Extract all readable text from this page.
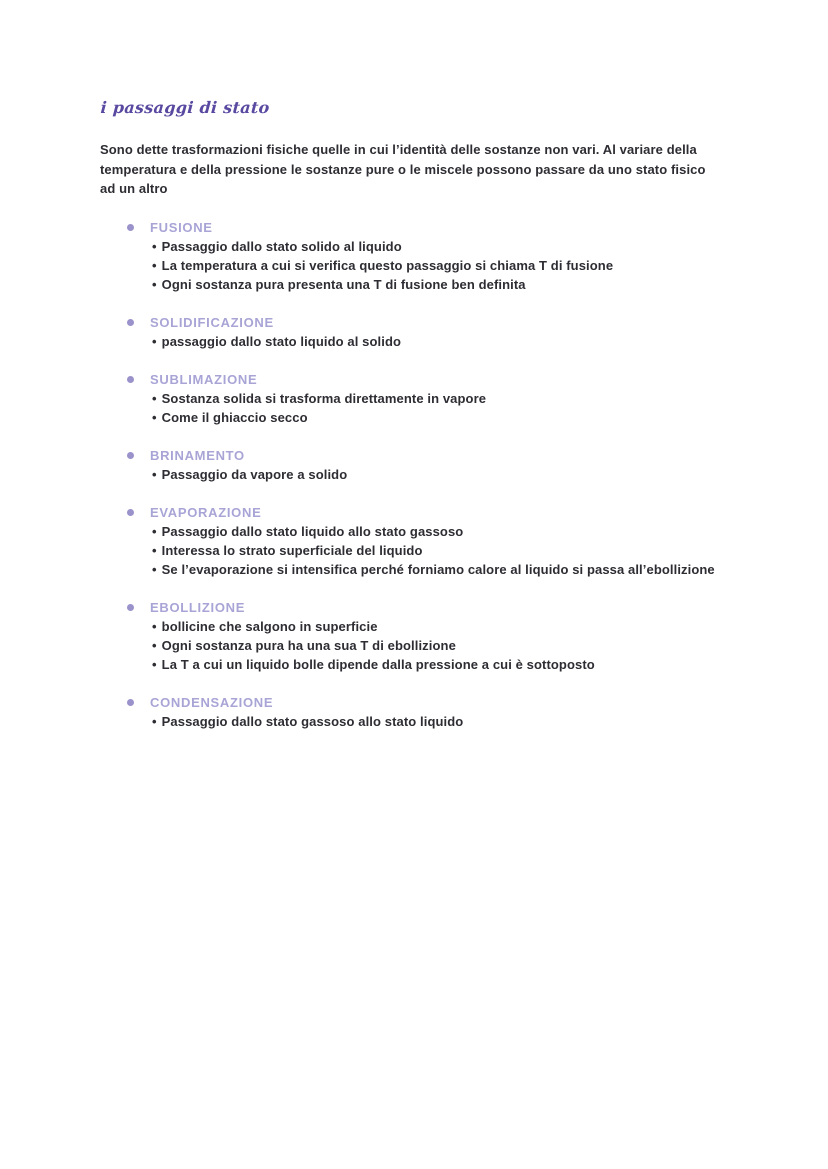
i passaggi di stato

Sono dette trasformazioni fisiche quelle in cui l’identità delle sostanze non vari. Al variare della temperatura e della pressione le sostanze pure o le miscele possono passare da uno stato fisico ad un altro

FUSIONE
• Passaggio dallo stato solido al liquido
• La temperatura a cui si verifica questo passaggio si chiama T di fusione
• Ogni sostanza pura presenta una T di fusione ben definita
SOLIDIFICAZIONE
• passaggio dallo stato liquido al solido
SUBLIMAZIONE
• Sostanza solida si trasforma direttamente in vapore
• Come il ghiaccio secco
BRINAMENTO
• Passaggio da vapore a solido
EVAPORAZIONE
• Passaggio dallo stato liquido allo stato gassoso
• Interessa lo strato superficiale del liquido
• Se l’evaporazione si intensifica perché forniamo calore al liquido si passa all’ebollizione
EBOLLIZIONE
• bollicine che salgono in superficie
• Ogni sostanza pura ha una sua T di ebollizione
• La T a cui un liquido bolle dipende dalla pressione a cui è sottoposto
CONDENSAZIONE
• Passaggio dallo stato gassoso allo stato liquido
